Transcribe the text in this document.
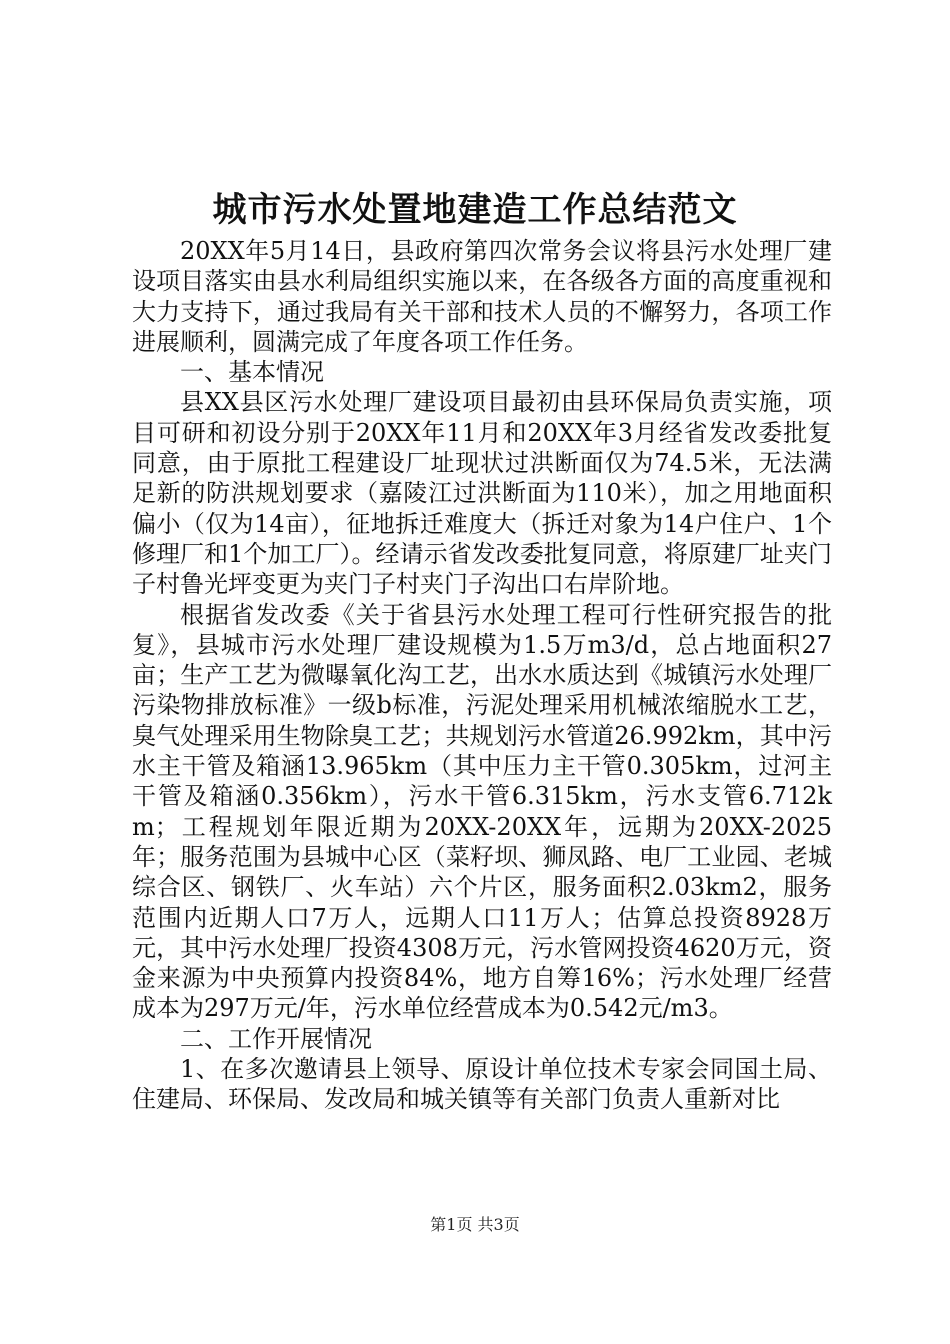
城市污水处置地建造工作总结范文

20XX年5月14日，县政府第四次常务会议将县污水处理厂建设项目落实由县水利局组织实施以来，在各级各方面的高度重视和大力支持下，通过我局有关干部和技术人员的不懈努力，各项工作进展顺利，圆满完成了年度各项工作任务。

一、基本情况

县XX县区污水处理厂建设项目最初由县环保局负责实施，项目可研和初设分别于20XX年11月和20XX年3月经省发改委批复同意，由于原批工程建设厂址现状过洪断面仅为74.5米，无法满足新的防洪规划要求（嘉陵江过洪断面为110米），加之用地面积偏小（仅为14亩），征地拆迁难度大（拆迁对象为14户住户、1个修理厂和1个加工厂）。经请示省发改委批复同意，将原建厂址夹门子村鲁光坪变更为夹门子村夹门子沟出口右岸阶地。

根据省发改委《关于省县污水处理工程可行性研究报告的批复》，县城市污水处理厂建设规模为1.5万m3/d，总占地面积27亩；生产工艺为微曝氧化沟工艺，出水水质达到《城镇污水处理厂污染物排放标准》一级b标准，污泥处理采用机械浓缩脱水工艺，臭气处理采用生物除臭工艺；共规划污水管道26.992km，其中污水主干管及箱涵13.965km（其中压力主干管0.305km，过河主干管及箱涵0.356km），污水干管6.315km，污水支管6.712km；工程规划年限近期为20XX-20XX年，远期为20XX-2025年；服务范围为县城中心区（菜籽坝、狮凤路、电厂工业园、老城综合区、钢铁厂、火车站）六个片区，服务面积2.03km2，服务范围内近期人口7万人，远期人口11万人；估算总投资8928万元，其中污水处理厂投资4308万元，污水管网投资4620万元，资金来源为中央预算内投资84%，地方自筹16%；污水处理厂经营成本为297万元/年，污水单位经营成本为0.542元/m3。

二、工作开展情况

1、在多次邀请县上领导、原设计单位技术专家会同国土局、住建局、环保局、发改局和城关镇等有关部门负责人重新对比

第1页 共3页
